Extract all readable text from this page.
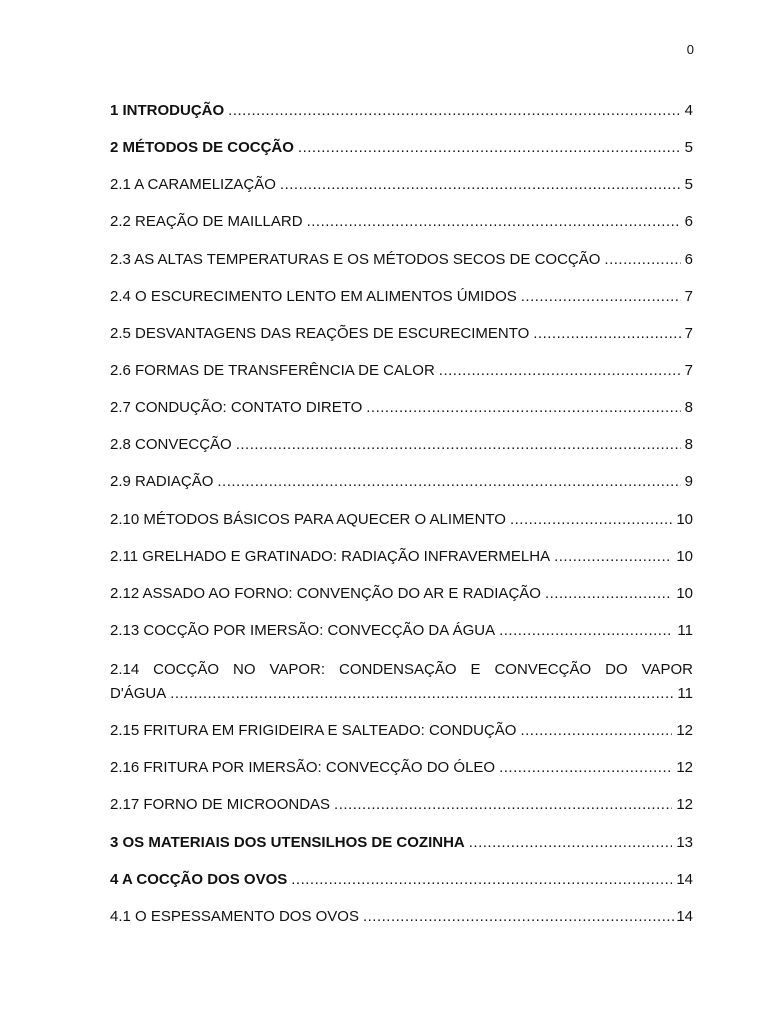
0
1 INTRODUÇÃO .....	4
2 MÉTODOS DE COCÇÃO .....	5
2.1 A CARAMELIZAÇÃO .....	5
2.2 REAÇÃO DE MAILLARD .....	6
2.3 AS ALTAS TEMPERATURAS E OS MÉTODOS SECOS DE COCÇÃO .....	6
2.4 O ESCURECIMENTO LENTO EM ALIMENTOS ÚMIDOS .....	7
2.5 DESVANTAGENS DAS REAÇÕES DE ESCURECIMENTO .....	7
2.6 FORMAS DE TRANSFERÊNCIA DE CALOR .....	7
2.7 CONDUÇÃO: CONTATO DIRETO .....	8
2.8 CONVECÇÃO .....	8
2.9 RADIAÇÃO .....	9
2.10 MÉTODOS BÁSICOS PARA AQUECER O ALIMENTO .....	10
2.11 GRELHADO E GRATINADO: RADIAÇÃO INFRAVERMELHA .....	10
2.12 ASSADO AO FORNO: CONVENÇÃO DO AR E RADIAÇÃO .....	10
2.13 COCÇÃO POR IMERSÃO: CONVECÇÃO DA ÁGUA .....	11
2.14 COCÇÃO NO VAPOR: CONDENSAÇÃO E CONVECÇÃO DO VAPOR
D'ÁGUA .....	11
2.15 FRITURA EM FRIGIDEIRA E SALTEADO: CONDUÇÃO .....	12
2.16 FRITURA POR IMERSÃO: CONVECÇÃO DO ÓLEO .....	12
2.17 FORNO DE MICROONDAS .....	12
3 OS MATERIAIS DOS UTENSILHOS DE COZINHA .....	13
4 A COCÇÃO DOS OVOS .....	14
4.1 O ESPESSAMENTO DOS OVOS .....	14
